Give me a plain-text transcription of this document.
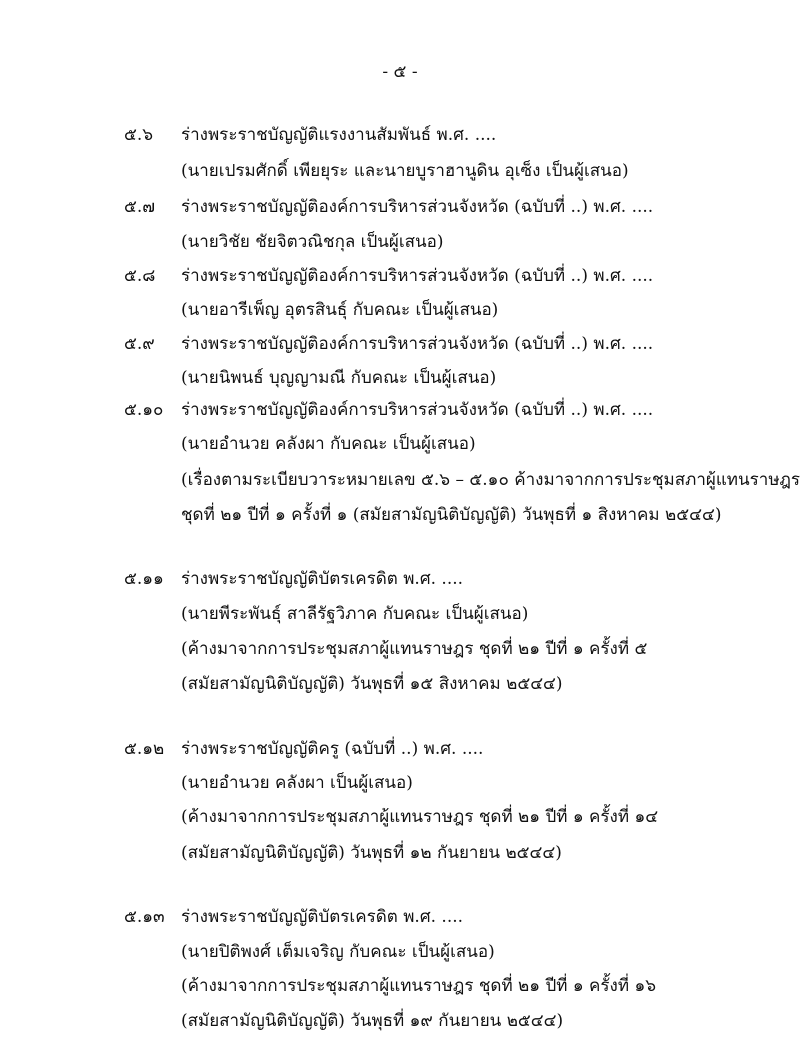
- ๕ -
๕.๖ ร่างพระราชบัญญัติแรงงานสัมพันธ์ พ.ศ. ....
(นายเปรมศักดิ์ เพียยุระ และนายบูราฮานูดิน อุเซ็ง เป็นผู้เสนอ)
๕.๗ ร่างพระราชบัญญัติองค์การบริหารส่วนจังหวัด (ฉบับที่ ..) พ.ศ. ....
(นายวิชัย ชัยจิตวณิชกุล เป็นผู้เสนอ)
๕.๘ ร่างพระราชบัญญัติองค์การบริหารส่วนจังหวัด (ฉบับที่ ..) พ.ศ. ....
(นายอารีเพ็ญ อุตรสินธุ์ กับคณะ เป็นผู้เสนอ)
๕.๙ ร่างพระราชบัญญัติองค์การบริหารส่วนจังหวัด (ฉบับที่ ..) พ.ศ. ....
(นายนิพนธ์ บุญญามณี กับคณะ เป็นผู้เสนอ)
๕.๑๐ ร่างพระราชบัญญัติองค์การบริหารส่วนจังหวัด (ฉบับที่ ..) พ.ศ. ....
(นายอำนวย คลังผา กับคณะ เป็นผู้เสนอ)
(เรื่องตามระเบียบวาระหมายเลข ๕.๖ – ๕.๑๐ ค้างมาจากการประชุมสภาผู้แทนราษฎร
ชุดที่ ๒๑ ปีที่ ๑ ครั้งที่ ๑ (สมัยสามัญนิติบัญญัติ) วันพุธที่ ๑ สิงหาคม ๒๕๔๔)
๕.๑๑ ร่างพระราชบัญญัติบัตรเครดิต พ.ศ. ....
(นายพีระพันธุ์ สาลีรัฐวิภาค กับคณะ เป็นผู้เสนอ)
(ค้างมาจากการประชุมสภาผู้แทนราษฎร ชุดที่ ๒๑ ปีที่ ๑ ครั้งที่ ๕
(สมัยสามัญนิติบัญญัติ) วันพุธที่ ๑๕ สิงหาคม ๒๕๔๔)
๕.๑๒ ร่างพระราชบัญญัติครู (ฉบับที่ ..) พ.ศ. ....
(นายอำนวย คลังผา เป็นผู้เสนอ)
(ค้างมาจากการประชุมสภาผู้แทนราษฎร ชุดที่ ๒๑ ปีที่ ๑ ครั้งที่ ๑๔
(สมัยสามัญนิติบัญญัติ) วันพุธที่ ๑๒ กันยายน ๒๕๔๔)
๕.๑๓ ร่างพระราชบัญญัติบัตรเครดิต พ.ศ. ....
(นายปิติพงศ์ เต็มเจริญ กับคณะ เป็นผู้เสนอ)
(ค้างมาจากการประชุมสภาผู้แทนราษฎร ชุดที่ ๒๑ ปีที่ ๑ ครั้งที่ ๑๖
(สมัยสามัญนิติบัญญัติ) วันพุธที่ ๑๙ กันยายน ๒๕๔๔)
